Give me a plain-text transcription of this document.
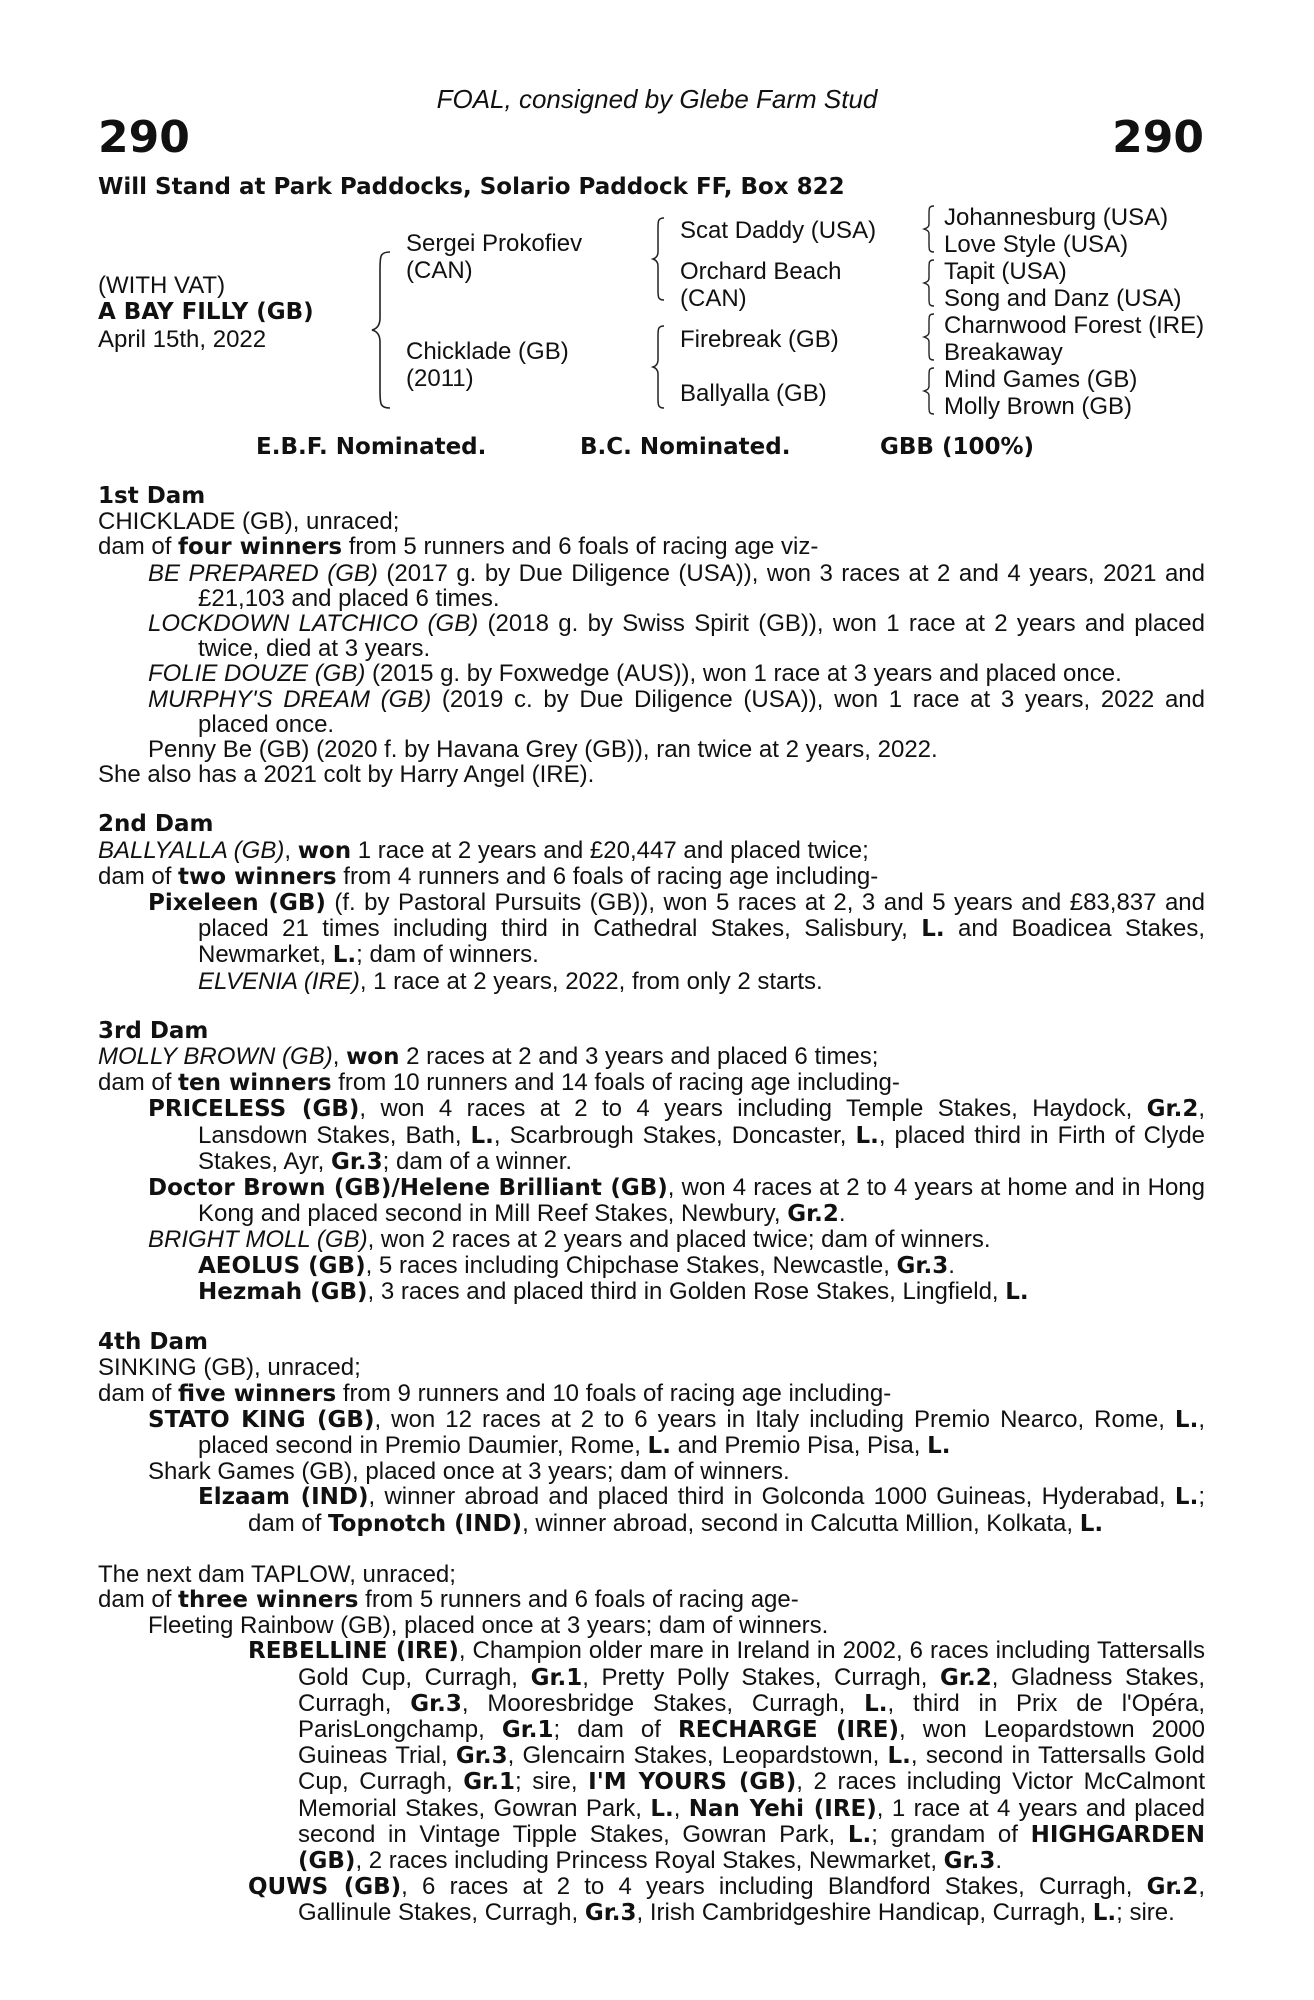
FOAL, consigned by Glebe Farm Stud
290	290
Will Stand at Park Paddocks, Solario Paddock FF, Box 822
(WITH VAT)
A BAY FILLY (GB)
April 15th, 2022
Sergei Prokofiev
(CAN)
Chicklade (GB)
(2011)
Scat Daddy (USA)
Orchard Beach
(CAN)
Firebreak (GB)
Ballyalla (GB)
Johannesburg (USA)
Love Style (USA)
Tapit (USA)
Song and Danz (USA)
Charnwood Forest (IRE)
Breakaway
Mind Games (GB)
Molly Brown (GB)
E.B.F. Nominated.	B.C. Nominated.	GBB (100%)
1st Dam
CHICKLADE (GB), unraced;
dam of four winners from 5 runners and 6 foals of racing age viz-
BE PREPARED (GB) (2017 g. by Due Diligence (USA)), won 3 races at 2 and 4 years, 2021 and £21,103 and placed 6 times.
LOCKDOWN LATCHICO (GB) (2018 g. by Swiss Spirit (GB)), won 1 race at 2 years and placed twice, died at 3 years.
FOLIE DOUZE (GB) (2015 g. by Foxwedge (AUS)), won 1 race at 3 years and placed once.
MURPHY'S DREAM (GB) (2019 c. by Due Diligence (USA)), won 1 race at 3 years, 2022 and placed once.
Penny Be (GB) (2020 f. by Havana Grey (GB)), ran twice at 2 years, 2022.
She also has a 2021 colt by Harry Angel (IRE).
2nd Dam
BALLYALLA (GB), won 1 race at 2 years and £20,447 and placed twice;
dam of two winners from 4 runners and 6 foals of racing age including-
Pixeleen (GB) (f. by Pastoral Pursuits (GB)), won 5 races at 2, 3 and 5 years and £83,837 and placed 21 times including third in Cathedral Stakes, Salisbury, L. and Boadicea Stakes, Newmarket, L.; dam of winners.
ELVENIA (IRE), 1 race at 2 years, 2022, from only 2 starts.
3rd Dam
MOLLY BROWN (GB), won 2 races at 2 and 3 years and placed 6 times;
dam of ten winners from 10 runners and 14 foals of racing age including-
PRICELESS (GB), won 4 races at 2 to 4 years including Temple Stakes, Haydock, Gr.2, Lansdown Stakes, Bath, L., Scarbrough Stakes, Doncaster, L., placed third in Firth of Clyde Stakes, Ayr, Gr.3; dam of a winner.
Doctor Brown (GB)/Helene Brilliant (GB), won 4 races at 2 to 4 years at home and in Hong Kong and placed second in Mill Reef Stakes, Newbury, Gr.2.
BRIGHT MOLL (GB), won 2 races at 2 years and placed twice; dam of winners.
AEOLUS (GB), 5 races including Chipchase Stakes, Newcastle, Gr.3.
Hezmah (GB), 3 races and placed third in Golden Rose Stakes, Lingfield, L.
4th Dam
SINKING (GB), unraced;
dam of five winners from 9 runners and 10 foals of racing age including-
STATO KING (GB), won 12 races at 2 to 6 years in Italy including Premio Nearco, Rome, L., placed second in Premio Daumier, Rome, L. and Premio Pisa, Pisa, L.
Shark Games (GB), placed once at 3 years; dam of winners.
Elzaam (IND), winner abroad and placed third in Golconda 1000 Guineas, Hyderabad, L.; dam of Topnotch (IND), winner abroad, second in Calcutta Million, Kolkata, L.
The next dam TAPLOW, unraced;
dam of three winners from 5 runners and 6 foals of racing age-
Fleeting Rainbow (GB), placed once at 3 years; dam of winners.
REBELLINE (IRE), Champion older mare in Ireland in 2002, 6 races including Tattersalls Gold Cup, Curragh, Gr.1, Pretty Polly Stakes, Curragh, Gr.2, Gladness Stakes, Curragh, Gr.3, Mooresbridge Stakes, Curragh, L., third in Prix de l'Opéra, ParisLongchamp, Gr.1; dam of RECHARGE (IRE), won Leopardstown 2000 Guineas Trial, Gr.3, Glencairn Stakes, Leopardstown, L., second in Tattersalls Gold Cup, Curragh, Gr.1; sire, I'M YOURS (GB), 2 races including Victor McCalmont Memorial Stakes, Gowran Park, L., Nan Yehi (IRE), 1 race at 4 years and placed second in Vintage Tipple Stakes, Gowran Park, L.; grandam of HIGHGARDEN (GB), 2 races including Princess Royal Stakes, Newmarket, Gr.3.
QUWS (GB), 6 races at 2 to 4 years including Blandford Stakes, Curragh, Gr.2, Gallinule Stakes, Curragh, Gr.3, Irish Cambridgeshire Handicap, Curragh, L.; sire.
